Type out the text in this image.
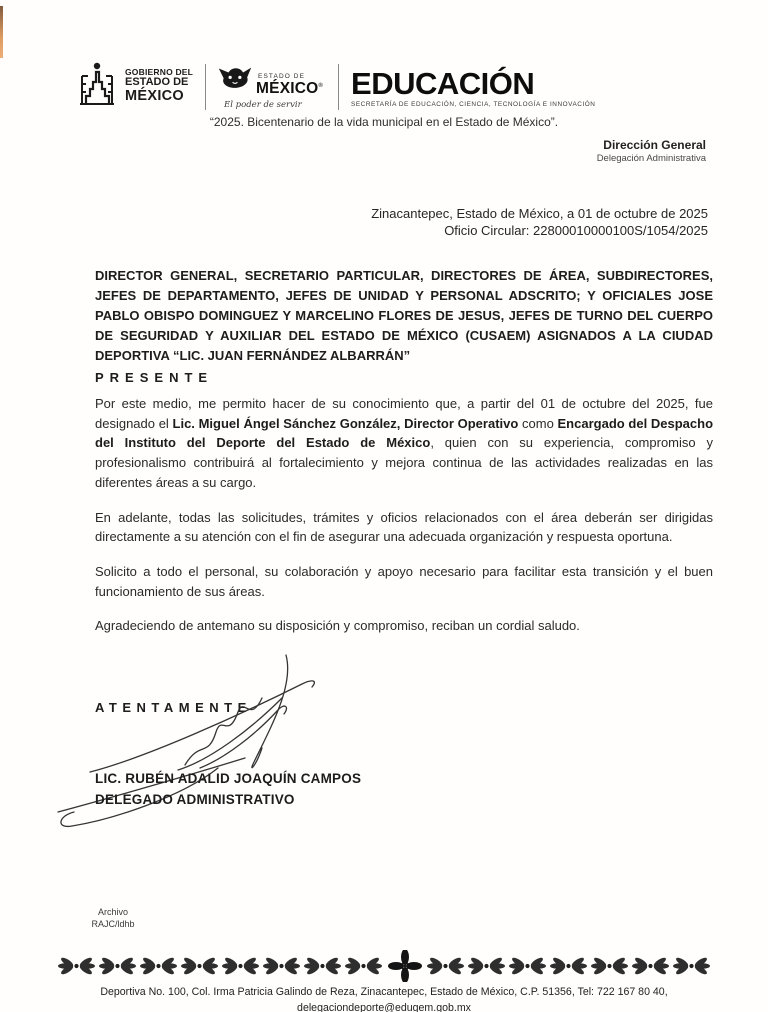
GOBIERNO DEL
ESTADO DE
MÉXICO
ESTADO DE
MÉXICO®
El poder de servir
EDUCACIÓN
SECRETARÍA DE EDUCACIÓN, CIENCIA, TECNOLOGÍA E INNOVACIÓN
“2025. Bicentenario de la vida municipal en el Estado de México”.
Dirección General
Delegación Administrativa
Zinacantepec, Estado de México, a 01 de octubre de 2025
Oficio Circular: 22800010000100S/1054/2025
DIRECTOR GENERAL, SECRETARIO PARTICULAR, DIRECTORES DE ÁREA, SUBDIRECTORES, JEFES DE DEPARTAMENTO, JEFES DE UNIDAD Y PERSONAL ADSCRITO; Y OFICIALES JOSE PABLO OBISPO DOMINGUEZ Y MARCELINO FLORES DE JESUS, JEFES DE TURNO DEL CUERPO DE SEGURIDAD Y AUXILIAR DEL ESTADO DE MÉXICO (CUSAEM) ASIGNADOS A LA CIUDAD DEPORTIVA “LIC. JUAN FERNÁNDEZ ALBARRÁN”
PRESENTE

Por este medio, me permito hacer de su conocimiento que, a partir del 01 de octubre del 2025, fue designado el Lic. Miguel Ángel Sánchez González, Director Operativo como Encargado del Despacho del Instituto del Deporte del Estado de México, quien con su experiencia, compromiso y profesionalismo contribuirá al fortalecimiento y mejora continua de las actividades realizadas en las diferentes áreas a su cargo.

En adelante, todas las solicitudes, trámites y oficios relacionados con el área deberán ser dirigidas directamente a su atención con el fin de asegurar una adecuada organización y respuesta oportuna.

Solicito a todo el personal, su colaboración y apoyo necesario para facilitar esta transición y el buen funcionamiento de sus áreas.

Agradeciendo de antemano su disposición y compromiso, reciban un cordial saludo.

ATENTAMENTE
LIC. RUBÉN ADALID JOAQUÍN CAMPOS
DELEGADO ADMINISTRATIVO
Archivo
RAJC/ldhb
Deportiva No. 100, Col. Irma Patricia Galindo de Reza, Zinacantepec, Estado de México, C.P. 51356, Tel: 722 167 80 40,
delegaciondeporte@edugem.gob.mx
